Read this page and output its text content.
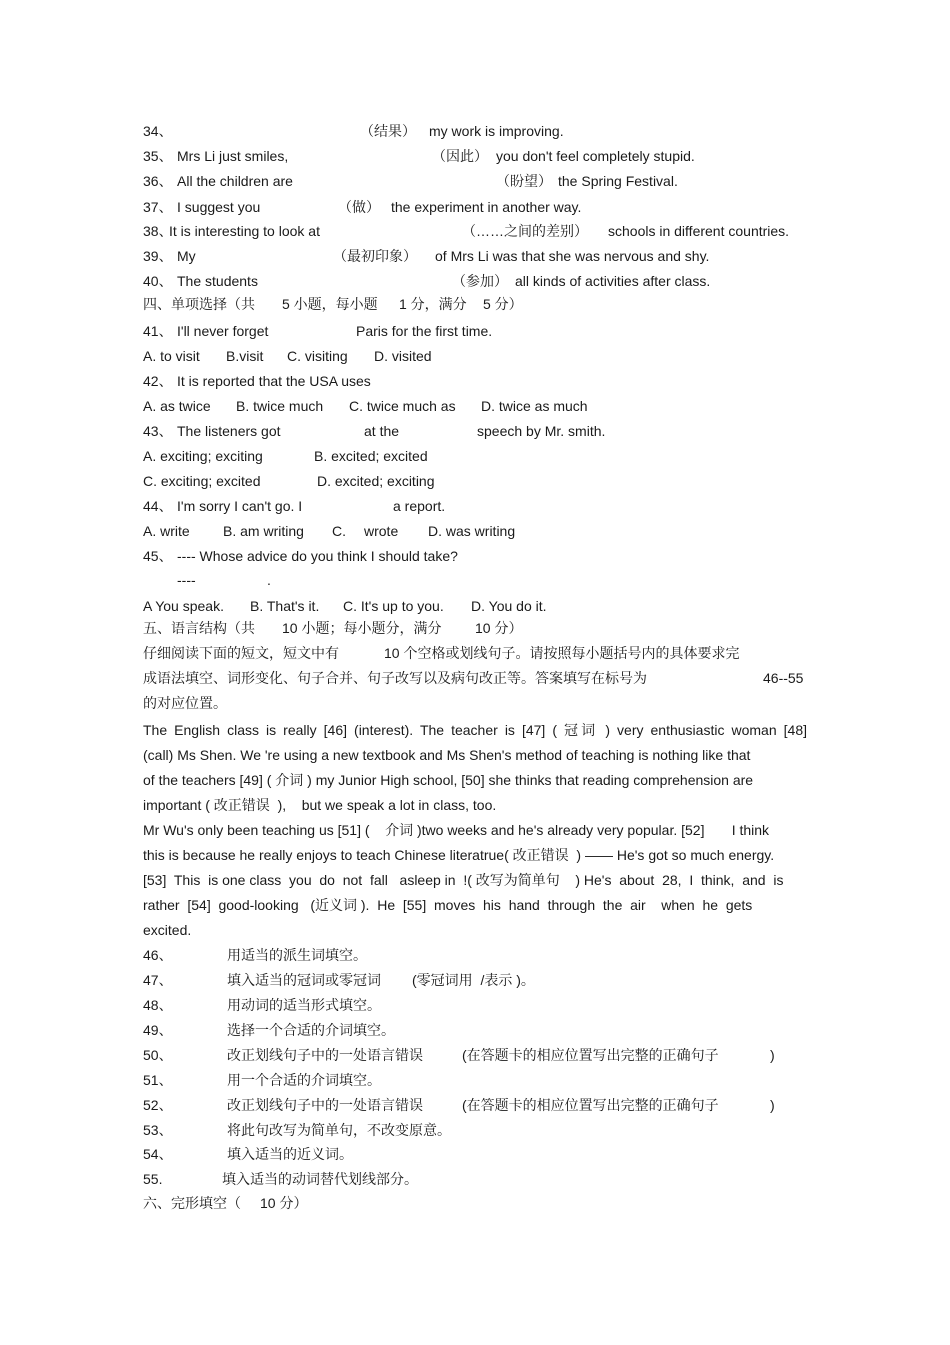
34、	（结果） my work is improving.
35、 Mrs Li just smiles,	（因此） you don't feel completely stupid.
36、 All the children are	（盼望） the Spring Festival.
37、 I suggest you	（做） the experiment in another way.
38、
It is interesting to look at	（……之间的差别） schools in different countries.
39、 My	（最初印象） of Mrs Li was that she was nervous and shy.
40、 The students	（参加） all kinds of activities after class.
四、单项选择（共 5 小题，每小题 1 分，满分 5 分）
41、 I'll never forget	Paris for the first time.
A. to visit B.visit C. visiting D. visited
42、 It is reported that the USA uses
A. as twice B. twice much C. twice much as D. twice as much
43、 The listeners got	at the	speech by Mr. smith.
A. exciting; exciting	B. excited; excited
C. exciting; excited	D. excited; exciting
44、 I'm sorry I can't go. I	a report.
A. write B. am writing C. wrote D. was writing
45、 ---- Whose advice do you think I should take?
----	.
A You speak. B. That's it. C. It's up to you. D. You do it.
五、语言结构（共 10 小题；每小题分，满分 10 分）
仔细阅读下面的短文，短文中有	10 个空格或划线句子。请按照每小题括号内的具体要求完
成语法填空、词形变化、句子合并、句子改写以及病句改正等。答案填写在标号为	46--55
的对应位置。
The English class is really [46] (interest). The teacher is [47] ( 冠词 ) very enthusiastic woman [48]
(call) Ms Shen. We 're using a new textbook and Ms Shen's method of teaching is nothing like that
of the teachers [49] ( 介词 ) my Junior High school, [50] she thinks that reading comprehension are
important ( 改正错误  ),    but we speak a lot in class, too.
Mr Wu's only been teaching us [51] (    介词 )two weeks and he's already very popular. [52]       I think
this is because he really enjoys to teach Chinese literatrue( 改正错误  ) —— He's got so much energy.
[53]  This  is one class  you  do  not  fall   asleep in  !( 改写为简单句    ) He's  about  28,  I  think,  and  is
rather  [54]  good-looking   (近义词 ).  He  [55]  moves  his  hand  through  the  air    when  he  gets
excited.
46、	用适当的派生词填空。
47、	填入适当的冠词或零冠词 (零冠词用  /表示 )。
48、	用动词的适当形式填空。
49、	选择一个合适的介词填空。
50、	改正划线句子中的一处语言错误	(在答题卡的相应位置写出完整的正确句子	)
51、	用一个合适的介词填空。
52、	改正划线句子中的一处语言错误	(在答题卡的相应位置写出完整的正确句子	)
53、	将此句改写为简单句，不改变原意。
54、	填入适当的近义词。
55.	填入适当的动词替代划线部分。
六、完形填空（ 10 分）
